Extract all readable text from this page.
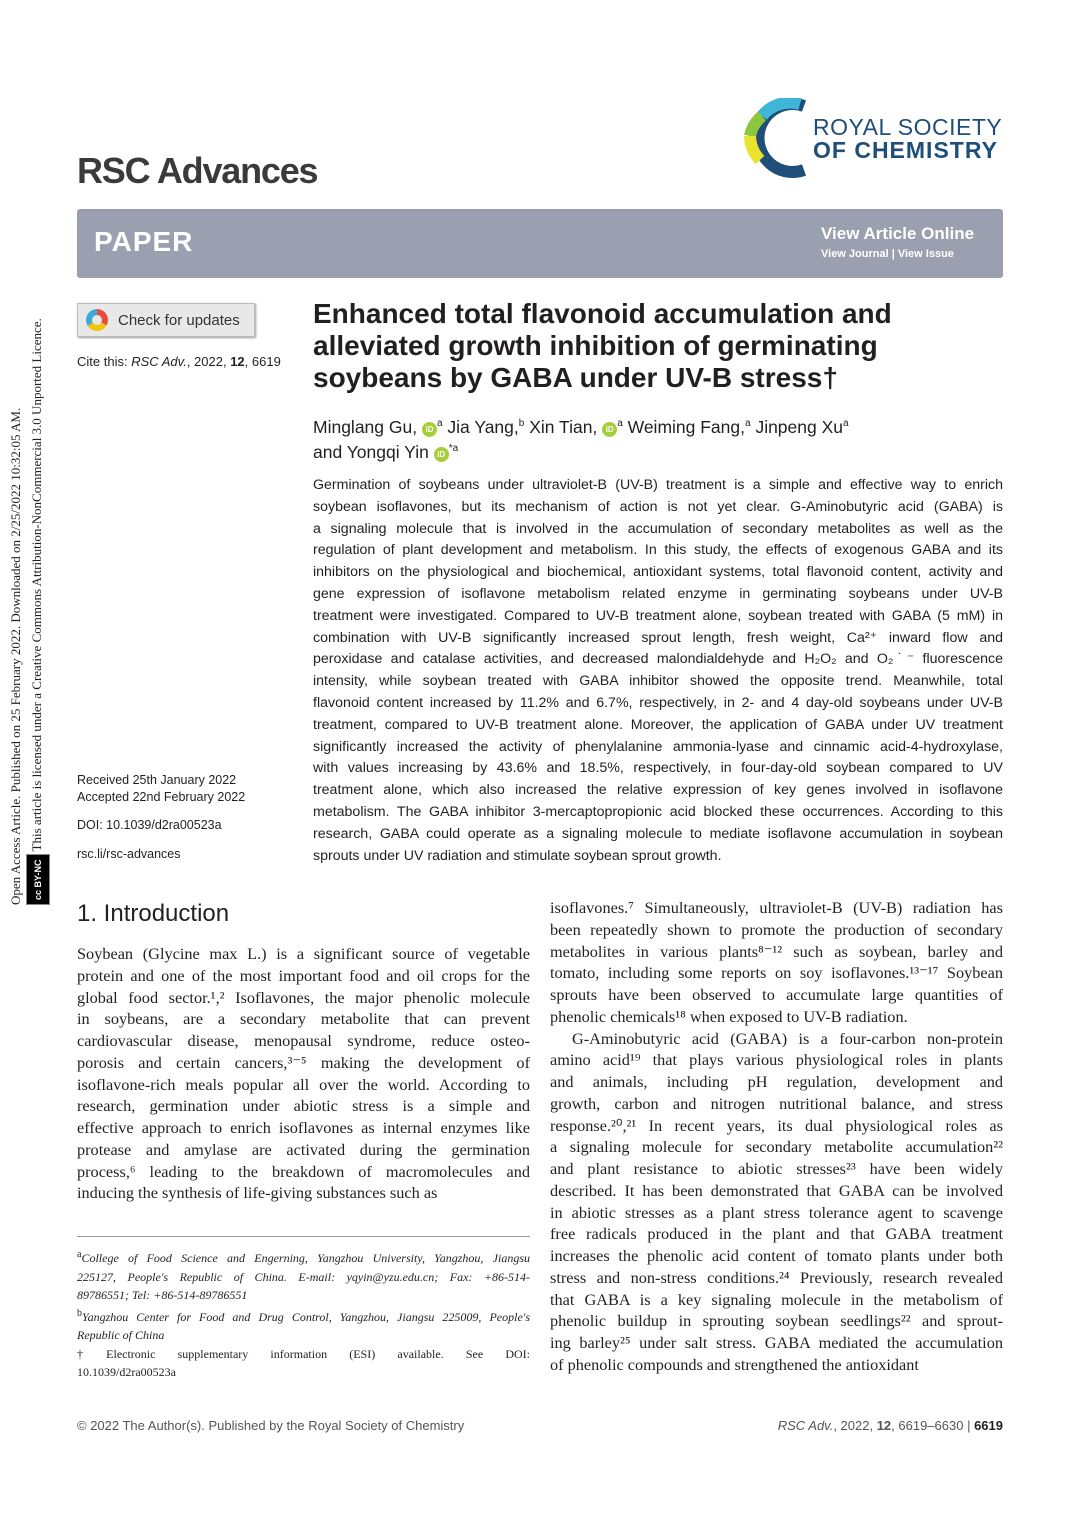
Open Access Article. Published on 25 February 2022. Downloaded on 2/25/2022 10:32:05 AM.	cc BY-NC This article is licensed under a Creative Commons Attribution-NonCommercial 3.0 Unported Licence.
RSC Advances
ROYAL SOCIETY
OF CHEMISTRY
PAPER	View Article Online
View Journal | View Issue
Check for updates
Cite this: RSC Adv., 2022, 12, 6619
Enhanced total flavonoid accumulation and
alleviated growth inhibition of germinating
soybeans by GABA under UV-B stress†
Minglang Gu, $iD^a$ Jia Yang,$^b$ Xin Tian, $iD^a$ Weiming Fang,$^a$ Jinpeng Xu$^a$
and Yongqi Yin $iD^{*a}$
Germination of soybeans under ultraviolet-B (UV-B) treatment is a simple and effective way to enrich
soybean isoflavones, but its mechanism of action is not yet clear. G-Aminobutyric acid (GABA) is
a signaling molecule that is involved in the accumulation of secondary metabolites as well as the
regulation of plant development and metabolism. In this study, the effects of exogenous GABA and its
inhibitors on the physiological and biochemical, antioxidant systems, total flavonoid content, activity and
gene expression of isoflavone metabolism related enzyme in germinating soybeans under UV-B
treatment were investigated. Compared to UV-B treatment alone, soybean treated with GABA (5 mM) in
combination with UV-B significantly increased sprout length, fresh weight, Ca²⁺ inward flow and
peroxidase and catalase activities, and decreased malondialdehyde and H₂O₂ and O₂˙⁻ fluorescence
intensity, while soybean treated with GABA inhibitor showed the opposite trend. Meanwhile, total
flavonoid content increased by 11.2% and 6.7%, respectively, in 2- and 4 day-old soybeans under UV-B
treatment, compared to UV-B treatment alone. Moreover, the application of GABA under UV treatment
significantly increased the activity of phenylalanine ammonia-lyase and cinnamic acid-4-hydroxylase,
with values increasing by 43.6% and 18.5%, respectively, in four-day-old soybean compared to UV
treatment alone, which also increased the relative expression of key genes involved in isoflavone
metabolism. The GABA inhibitor 3-mercaptopropionic acid blocked these occurrences. According to this
research, GABA could operate as a signaling molecule to mediate isoflavone accumulation in soybean
sprouts under UV radiation and stimulate soybean sprout growth.
Received 25th January 2022
Accepted 22nd February 2022
DOI: 10.1039/d2ra00523a
rsc.li/rsc-advances
1. Introduction
Soybean (Glycine max L.) is a significant source of vegetable
protein and one of the most important food and oil crops for the
global food sector.¹,² Isoflavones, the major phenolic molecule
in soybeans, are a secondary metabolite that can prevent
cardiovascular disease, menopausal syndrome, reduce osteo-
porosis and certain cancers,³⁻⁵ making the development of
isoflavone-rich meals popular all over the world. According to
research, germination under abiotic stress is a simple and
effective approach to enrich isoflavones as internal enzymes like
protease and amylase are activated during the germination
process,⁶ leading to the breakdown of macromolecules and
inducing the synthesis of life-giving substances such as
isoflavones.⁷ Simultaneously, ultraviolet-B (UV-B) radiation has
been repeatedly shown to promote the production of secondary
metabolites in various plants⁸⁻¹² such as soybean, barley and
tomato, including some reports on soy isoflavones.¹³⁻¹⁷ Soybean
sprouts have been observed to accumulate large quantities of
phenolic chemicals¹⁸ when exposed to UV-B radiation.
G-Aminobutyric acid (GABA) is a four-carbon non-protein
amino acid¹⁹ that plays various physiological roles in plants
and animals, including pH regulation, development and
growth, carbon and nitrogen nutritional balance, and stress
response.²⁰,²¹ In recent years, its dual physiological roles as
a signaling molecule for secondary metabolite accumulation²²
and plant resistance to abiotic stresses²³ have been widely
described. It has been demonstrated that GABA can be involved
in abiotic stresses as a plant stress tolerance agent to scavenge
free radicals produced in the plant and that GABA treatment
increases the phenolic acid content of tomato plants under both
stress and non-stress conditions.²⁴ Previously, research revealed
that GABA is a key signaling molecule in the metabolism of
phenolic buildup in sprouting soybean seedlings²² and sprout-
ing barley²⁵ under salt stress. GABA mediated the accumulation
of phenolic compounds and strengthened the antioxidant
$^a$College of Food Science and Engerning, Yangzhou University, Yangzhou, Jiangsu
225127, People's Republic of China. E-mail: yqyin@yzu.edu.cn; Fax: +86-514-
89786551; Tel: +86-514-89786551
$^b$Yangzhou Center for Food and Drug Control, Yangzhou, Jiangsu 225009, People's
Republic of China
† Electronic supplementary information (ESI) available. See DOI:
10.1039/d2ra00523a
© 2022 The Author(s). Published by the Royal Society of Chemistry	RSC Adv., 2022, 12, 6619–6630 | 6619
